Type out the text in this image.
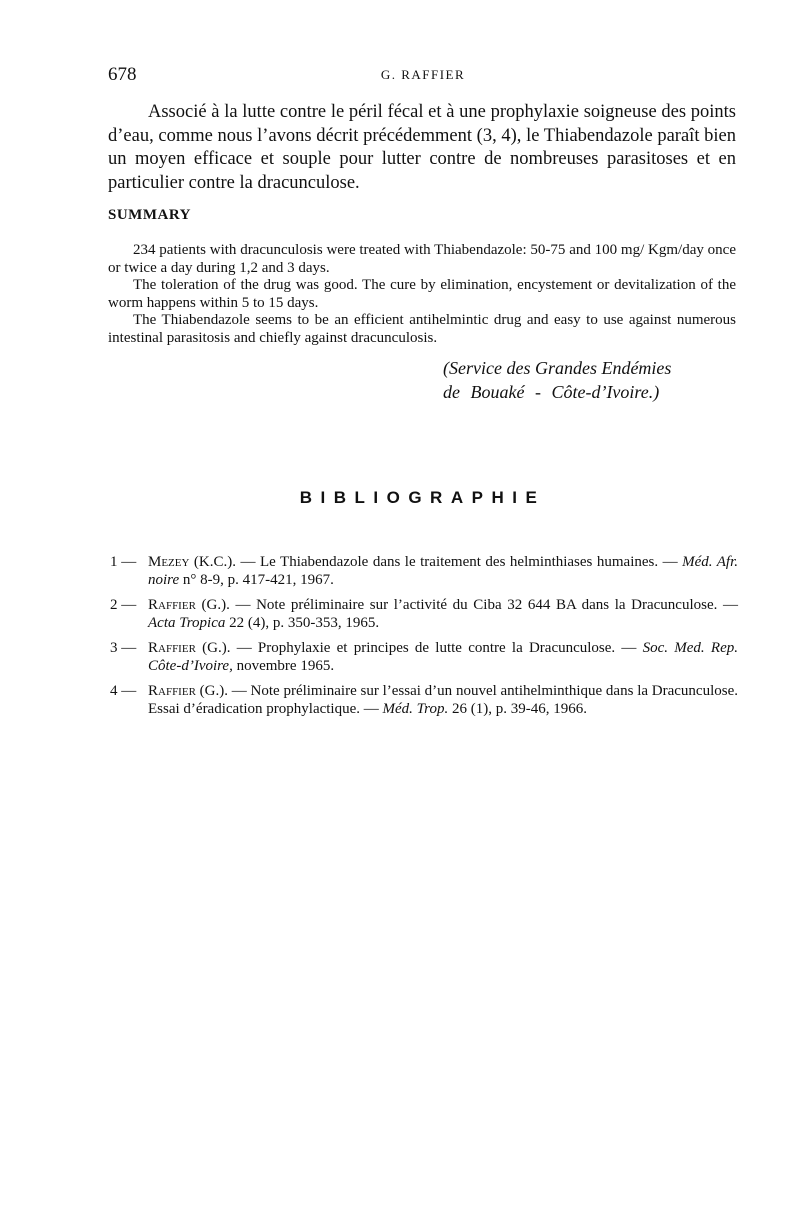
678	G. RAFFIER

Associé à la lutte contre le péril fécal et à une prophylaxie soigneuse des points d’eau, comme nous l’avons décrit précédemment (3, 4), le Thiabendazole paraît bien un moyen efficace et souple pour lutter contre de nombreuses parasitoses et en particulier contre la dracunculose.

SUMMARY

234 patients with dracunculosis were treated with Thiabendazole: 50-75 and 100 mg/ Kgm/day once or twice a day during 1,2 and 3 days.

The toleration of the drug was good. The cure by elimination, encystement or devitalization of the worm happens within 5 to 15 days.

The Thiabendazole seems to be an efficient antihelmintic drug and easy to use against numerous intestinal parasitosis and chiefly against dracunculosis.

(Service des Grandes Endémies
de Bouaké - Côte-d’Ivoire.)
BIBLIOGRAPHIE
1 — Mezey (K.C.). — Le Thiabendazole dans le traitement des helminthiases humaines. — Méd. Afr. noire n° 8-9, p. 417-421, 1967.
2 — Raffier (G.). — Note préliminaire sur l’activité du Ciba 32 644 BA dans la Dracunculose. — Acta Tropica 22 (4), p. 350-353, 1965.
3 — Raffier (G.). — Prophylaxie et principes de lutte contre la Dracunculose. — Soc. Med. Rep. Côte-d’Ivoire, novembre 1965.
4 — Raffier (G.). — Note préliminaire sur l’essai d’un nouvel antihelminthique dans la Dracunculose. Essai d’éradication prophylactique. — Méd. Trop. 26 (1), p. 39-46, 1966.
